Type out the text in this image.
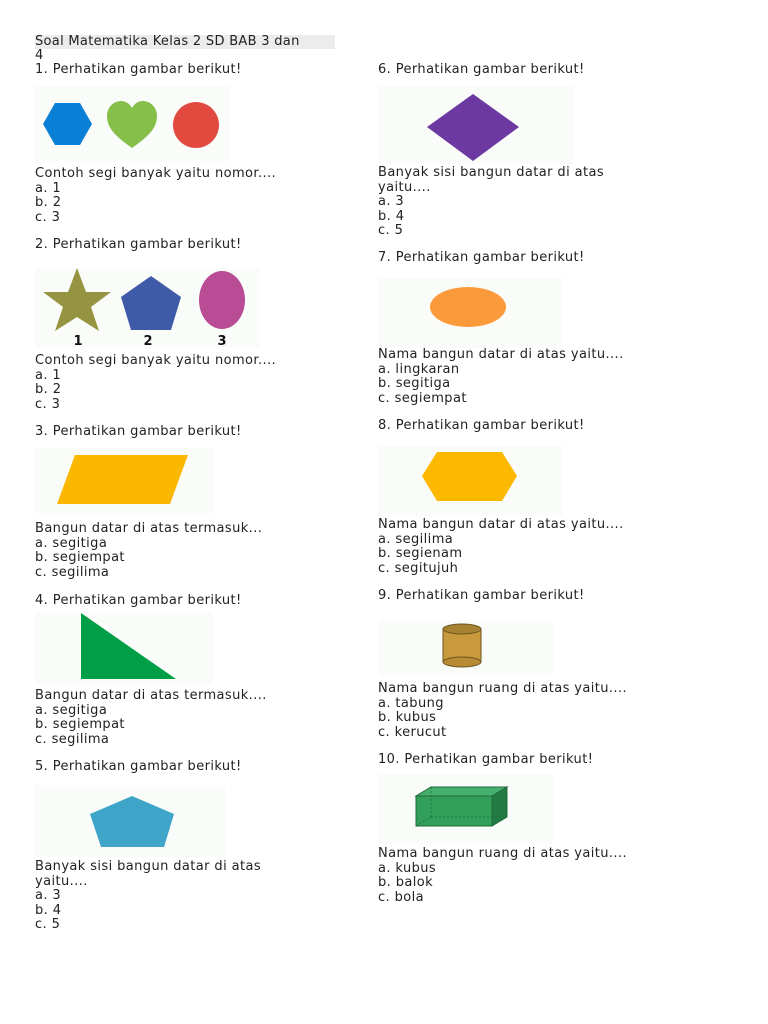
Soal Matematika Kelas 2 SD BAB 3 dan
4

1. Perhatikan gambar berikut!

Contoh segi banyak yaitu nomor....

a. 1

b. 2

c. 3

2. Perhatikan gambar berikut!

1	2	3

Contoh segi banyak yaitu nomor....

a. 1

b. 2

c. 3

3. Perhatikan gambar berikut!

Bangun datar di atas termasuk...

a. segitiga

b. segiempat

c. segilima

4. Perhatikan gambar berikut!

Bangun datar di atas termasuk....

a. segitiga

b. segiempat

c. segilima

5. Perhatikan gambar berikut!

Banyak sisi bangun datar di atas

yaitu....

a. 3

b. 4

c. 5

6. Perhatikan gambar berikut!

Banyak sisi bangun datar di atas

yaitu....

a. 3

b. 4

c. 5

7. Perhatikan gambar berikut!

Nama bangun datar di atas yaitu....

a. lingkaran

b. segitiga

c. segiempat

8. Perhatikan gambar berikut!

Nama bangun datar di atas yaitu....

a. segilima

b. segienam

c. segitujuh

9. Perhatikan gambar berikut!

Nama bangun ruang di atas yaitu....

a. tabung

b. kubus

c. kerucut

10. Perhatikan gambar berikut!

Nama bangun ruang di atas yaitu....

a. kubus

b. balok

c. bola
